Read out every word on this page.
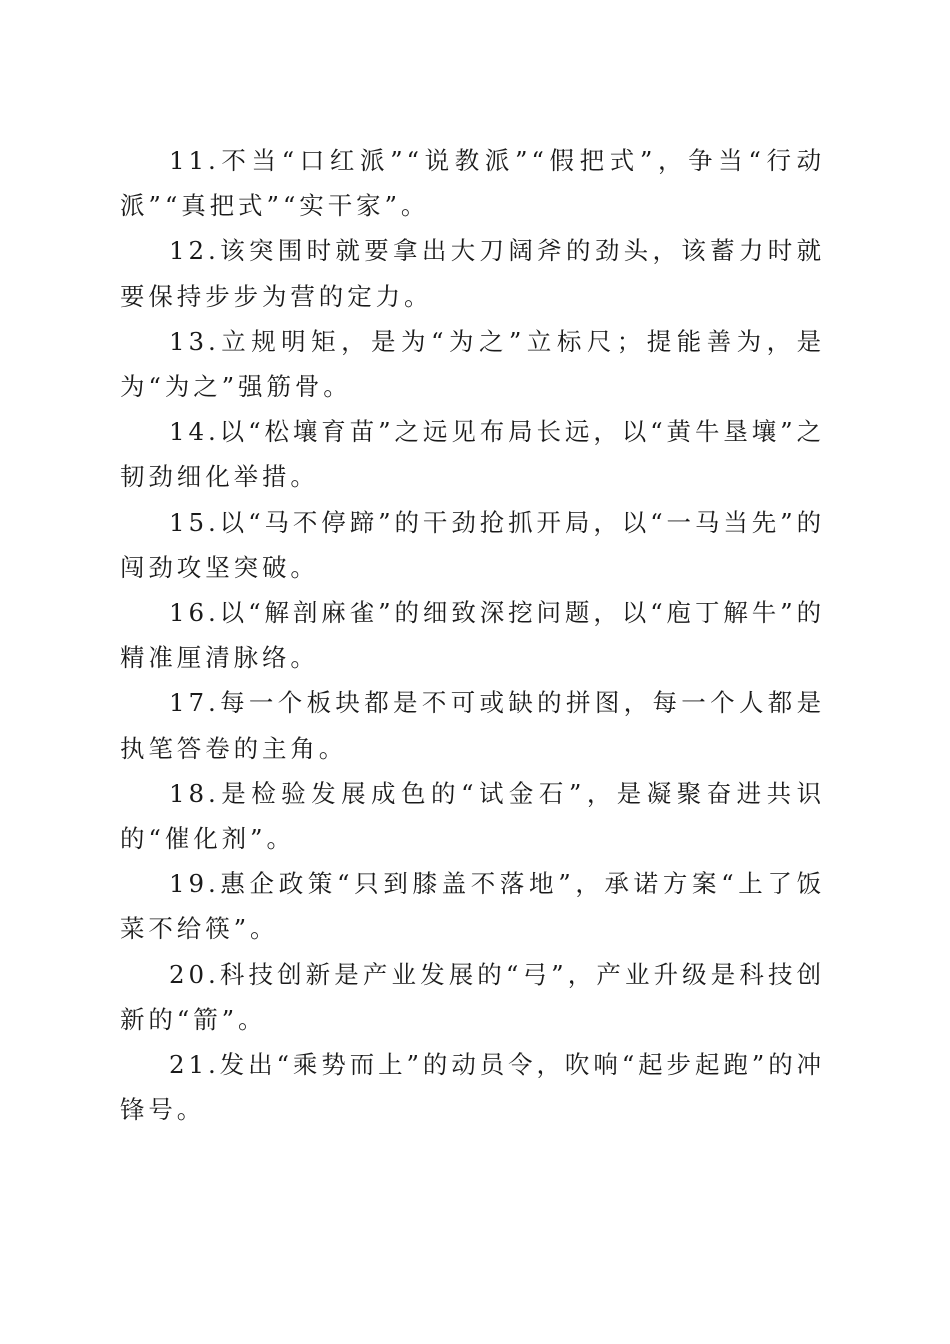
11.不当“口红派”“说教派”“假把式”，争当“行动派”“真把式”“实干家”。

12.该突围时就要拿出大刀阔斧的劲头，该蓄力时就要保持步步为营的定力。

13.立规明矩，是为“为之”立标尺；提能善为，是为“为之”强筋骨。

14.以“松壤育苗”之远见布局长远，以“黄牛垦壤”之韧劲细化举措。

15.以“马不停蹄”的干劲抢抓开局，以“一马当先”的闯劲攻坚突破。

16.以“解剖麻雀”的细致深挖问题，以“庖丁解牛”的精准厘清脉络。

17.每一个板块都是不可或缺的拼图，每一个人都是执笔答卷的主角。

18.是检验发展成色的“试金石”，是凝聚奋进共识的“催化剂”。

19.惠企政策“只到膝盖不落地”，承诺方案“上了饭菜不给筷”。

20.科技创新是产业发展的“弓”，产业升级是科技创新的“箭”。

21.发出“乘势而上”的动员令，吹响“起步起跑”的冲锋号。
